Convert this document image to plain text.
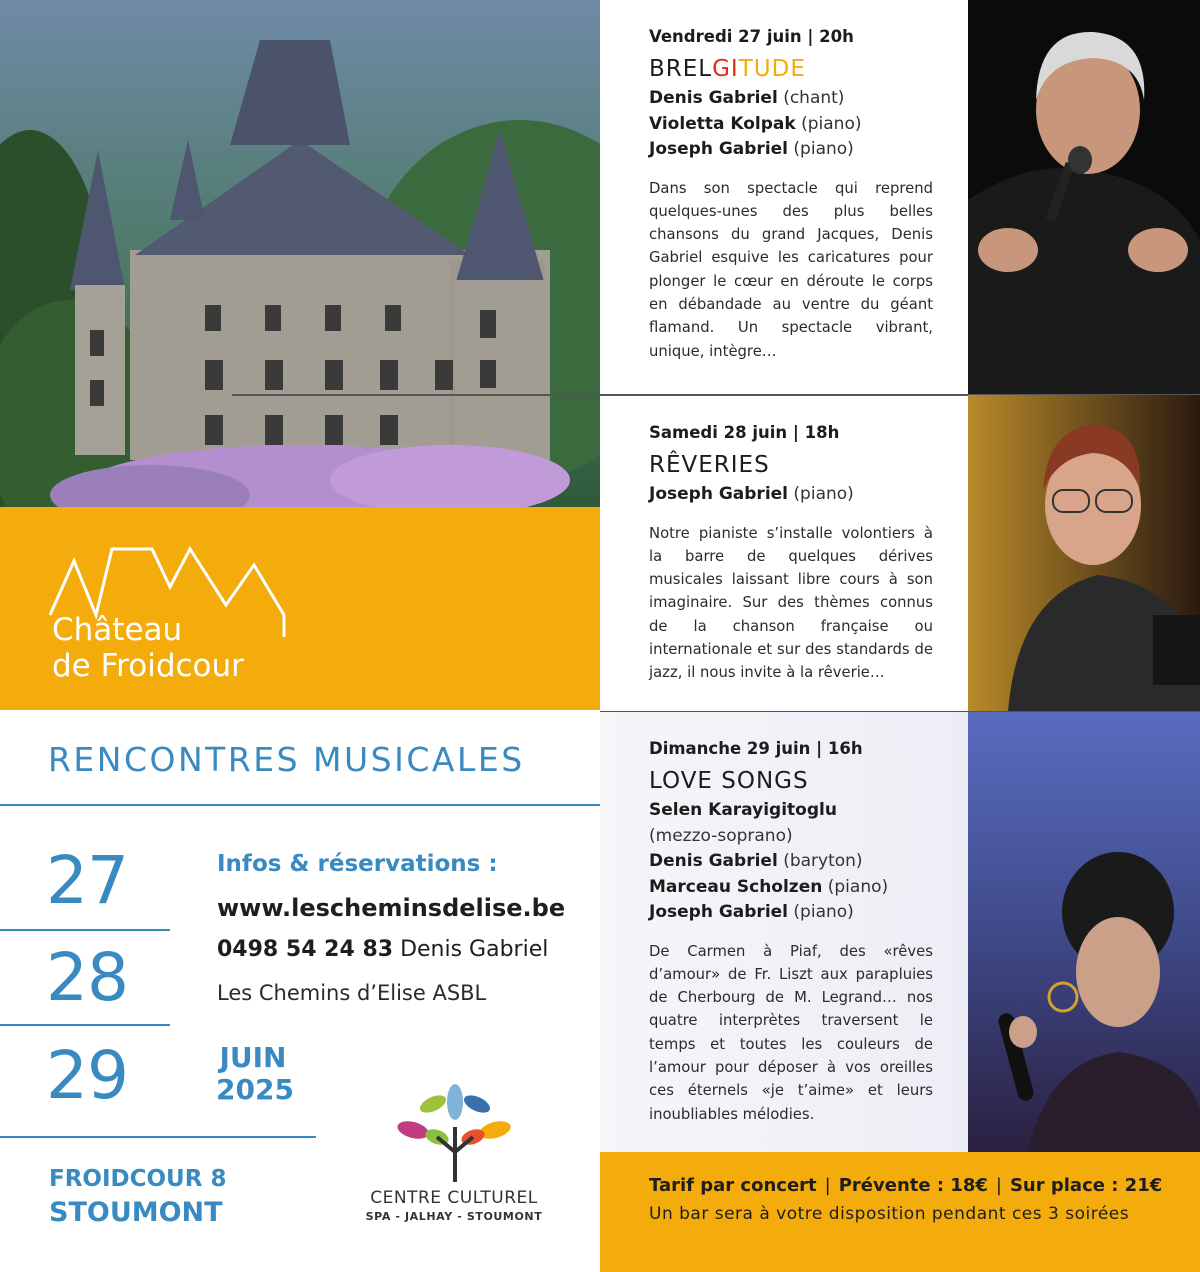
Château
de Froidcour
RENCONTRES MUSICALES
27
28
29	JUIN
2025
Infos & réservations :
www.lescheminsdelise.be
0498 54 24 83 Denis Gabriel
Les Chemins d’Elise ASBL
FROIDCOUR 8
STOUMONT	CENTRE CULTUREL
SPA - JALHAY - STOUMONT
Vendredi 27 juin | 20h
BRELGITUDE
Denis Gabriel (chant)
Violetta Kolpak (piano)
Joseph Gabriel (piano)
Dans son spectacle qui reprend quelques-unes des plus belles chansons du grand Jacques, Denis Gabriel esquive les caricatures pour plonger le cœur en déroute le corps en débandade au ventre du géant flamand. Un spectacle vibrant, unique, intègre…
Samedi 28 juin | 18h
RÊVERIES
Joseph Gabriel (piano)
Notre pianiste s’installe volontiers à la barre de quelques dérives musicales laissant libre cours à son imaginaire. Sur des thèmes connus de la chanson française ou internationale et sur des standards de jazz, il nous invite à la rêverie…
Dimanche 29 juin | 16h
LOVE SONGS
Selen Karayigitoglu
(mezzo-soprano)
Denis Gabriel (baryton)
Marceau Scholzen (piano)
Joseph Gabriel (piano)
De Carmen à Piaf, des «rêves d’amour» de Fr. Liszt aux parapluies de Cherbourg de M. Legrand… nos quatre interprètes traversent le temps et toutes les couleurs de l’amour pour déposer à vos oreilles ces éternels «je t’aime» et leurs inoubliables mélodies.
Tarif par concert | Prévente : 18€ | Sur place : 21€
Un bar sera à votre disposition pendant ces 3 soirées
